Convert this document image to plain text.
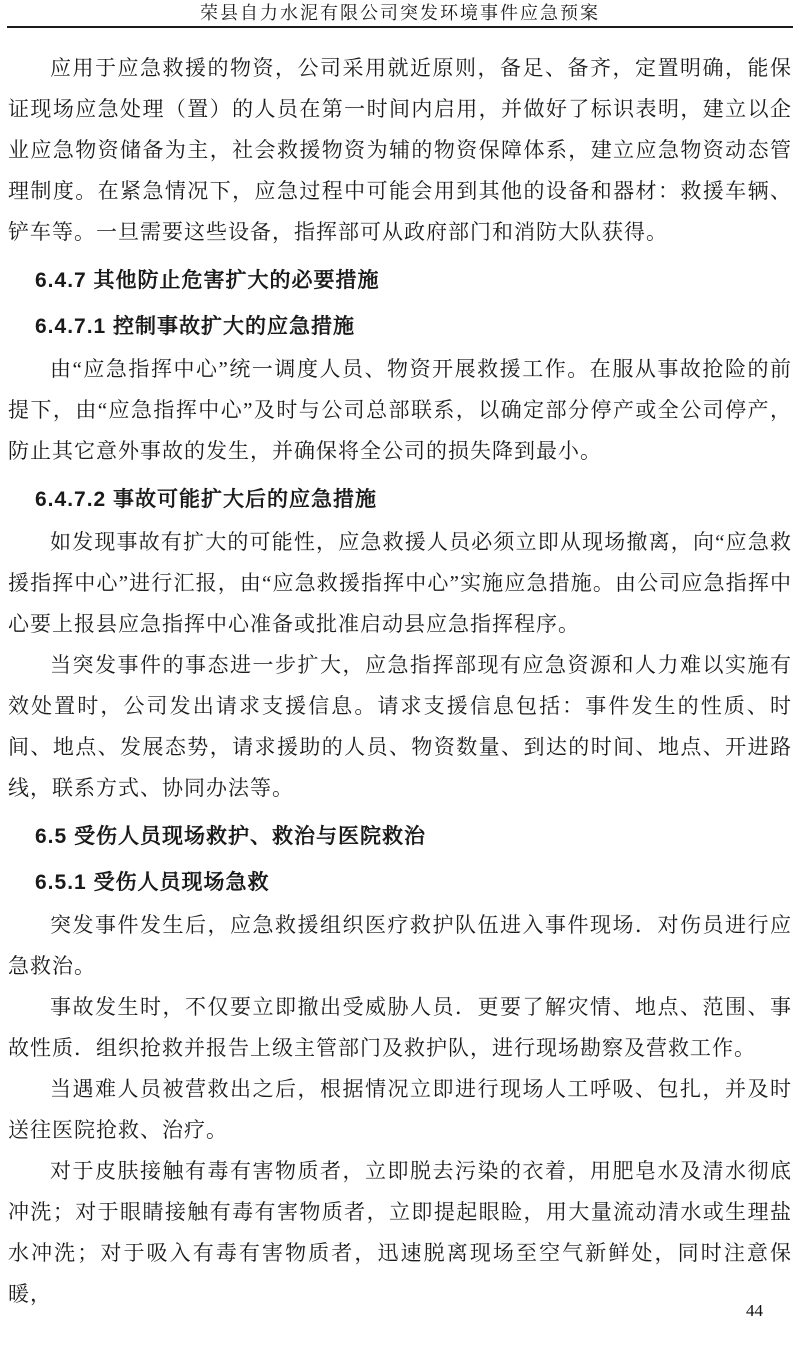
荣县自力水泥有限公司突发环境事件应急预案

应用于应急救援的物资，公司采用就近原则，备足、备齐，定置明确，能保证现场应急处理（置）的人员在第一时间内启用，并做好了标识表明，建立以企业应急物资储备为主，社会救援物资为辅的物资保障体系，建立应急物资动态管理制度。在紧急情况下，应急过程中可能会用到其他的设备和器材：救援车辆、铲车等。一旦需要这些设备，指挥部可从政府部门和消防大队获得。

6.4.7 其他防止危害扩大的必要措施

6.4.7.1 控制事故扩大的应急措施

由“应急指挥中心”统一调度人员、物资开展救援工作。在服从事故抢险的前提下，由“应急指挥中心”及时与公司总部联系，以确定部分停产或全公司停产，防止其它意外事故的发生，并确保将全公司的损失降到最小。

6.4.7.2 事故可能扩大后的应急措施

如发现事故有扩大的可能性，应急救援人员必须立即从现场撤离，向“应急救援指挥中心”进行汇报，由“应急救援指挥中心”实施应急措施。由公司应急指挥中心要上报县应急指挥中心准备或批准启动县应急指挥程序。

当突发事件的事态进一步扩大，应急指挥部现有应急资源和人力难以实施有效处置时，公司发出请求支援信息。请求支援信息包括：事件发生的性质、时间、地点、发展态势，请求援助的人员、物资数量、到达的时间、地点、开进路线，联系方式、协同办法等。

6.5 受伤人员现场救护、救治与医院救治

6.5.1 受伤人员现场急救

突发事件发生后，应急救援组织医疗救护队伍进入事件现场．对伤员进行应急救治。

事故发生时，不仅要立即撤出受威胁人员．更要了解灾情、地点、范围、事故性质．组织抢救并报告上级主管部门及救护队，进行现场勘察及营救工作。

当遇难人员被营救出之后，根据情况立即进行现场人工呼吸、包扎，并及时送往医院抢救、治疗。

对于皮肤接触有毒有害物质者，立即脱去污染的衣着，用肥皂水及清水彻底冲洗；对于眼睛接触有毒有害物质者，立即提起眼睑，用大量流动清水或生理盐水冲洗；对于吸入有毒有害物质者，迅速脱离现场至空气新鲜处，同时注意保暖，

44
